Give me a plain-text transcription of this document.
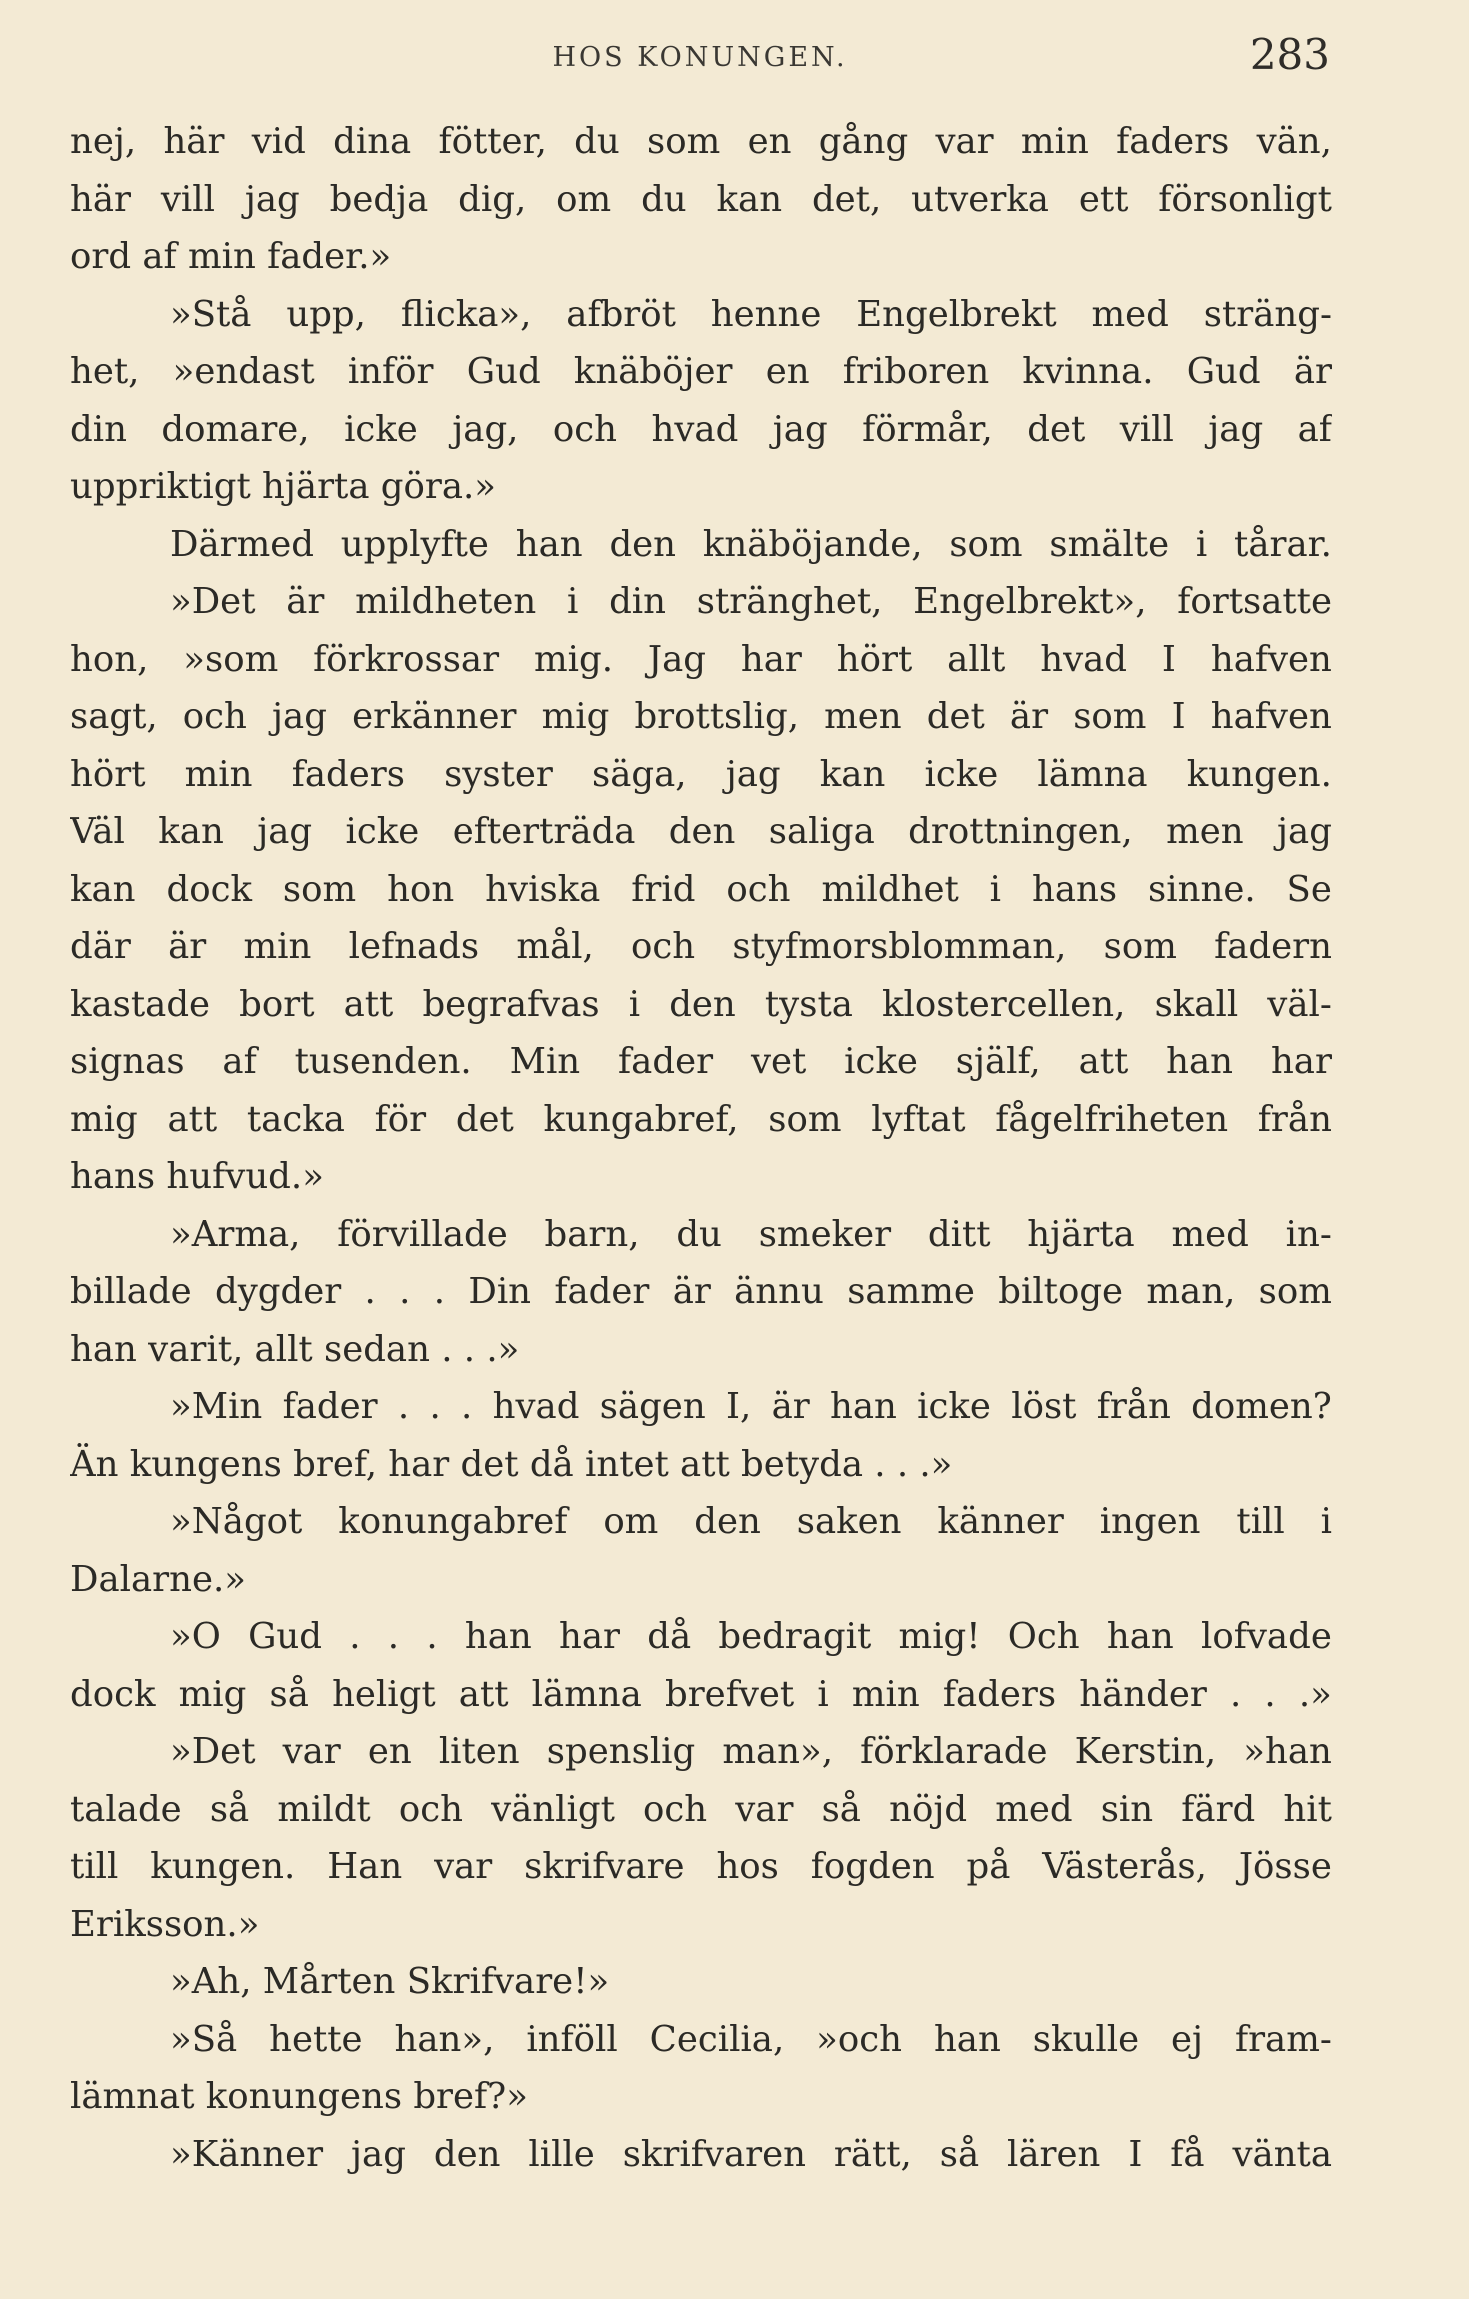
HOS KONUNGEN.	283
nej, här vid dina fötter, du som en gång var min faders vän,
här vill jag bedja dig, om du kan det, utverka ett försonligt
ord af min fader.»
»Stå upp, flicka», afbröt henne Engelbrekt med sträng-
het, »endast inför Gud knäböjer en friboren kvinna. Gud är
din domare, icke jag, och hvad jag förmår, det vill jag af
uppriktigt hjärta göra.»
Därmed upplyfte han den knäböjande, som smälte i tårar.
»Det är mildheten i din stränghet, Engelbrekt», fortsatte
hon, »som förkrossar mig. Jag har hört allt hvad I hafven
sagt, och jag erkänner mig brottslig, men det är som I hafven
hört min faders syster säga, jag kan icke lämna kungen.
Väl kan jag icke efterträda den saliga drottningen, men jag
kan dock som hon hviska frid och mildhet i hans sinne. Se
där är min lefnads mål, och styfmorsblomman, som fadern
kastade bort att begrafvas i den tysta klostercellen, skall väl-
signas af tusenden. Min fader vet icke själf, att han har
mig att tacka för det kungabref, som lyftat fågelfriheten från
hans hufvud.»
»Arma, förvillade barn, du smeker ditt hjärta med in-
billade dygder . . . Din fader är ännu samme biltoge man, som
han varit, allt sedan . . .»
»Min fader . . . hvad sägen I, är han icke löst från domen?
Än kungens bref, har det då intet att betyda . . .»
»Något konungabref om den saken känner ingen till i
Dalarne.»
»O Gud . . . han har då bedragit mig! Och han lofvade
dock mig så heligt att lämna brefvet i min faders händer . . .»
»Det var en liten spenslig man», förklarade Kerstin, »han
talade så mildt och vänligt och var så nöjd med sin färd hit
till kungen. Han var skrifvare hos fogden på Västerås, Jösse
Eriksson.»
»Ah, Mårten Skrifvare!»
»Så hette han», inföll Cecilia, »och han skulle ej fram-
lämnat konungens bref?»
»Känner jag den lille skrifvaren rätt, så lären I få vänta
